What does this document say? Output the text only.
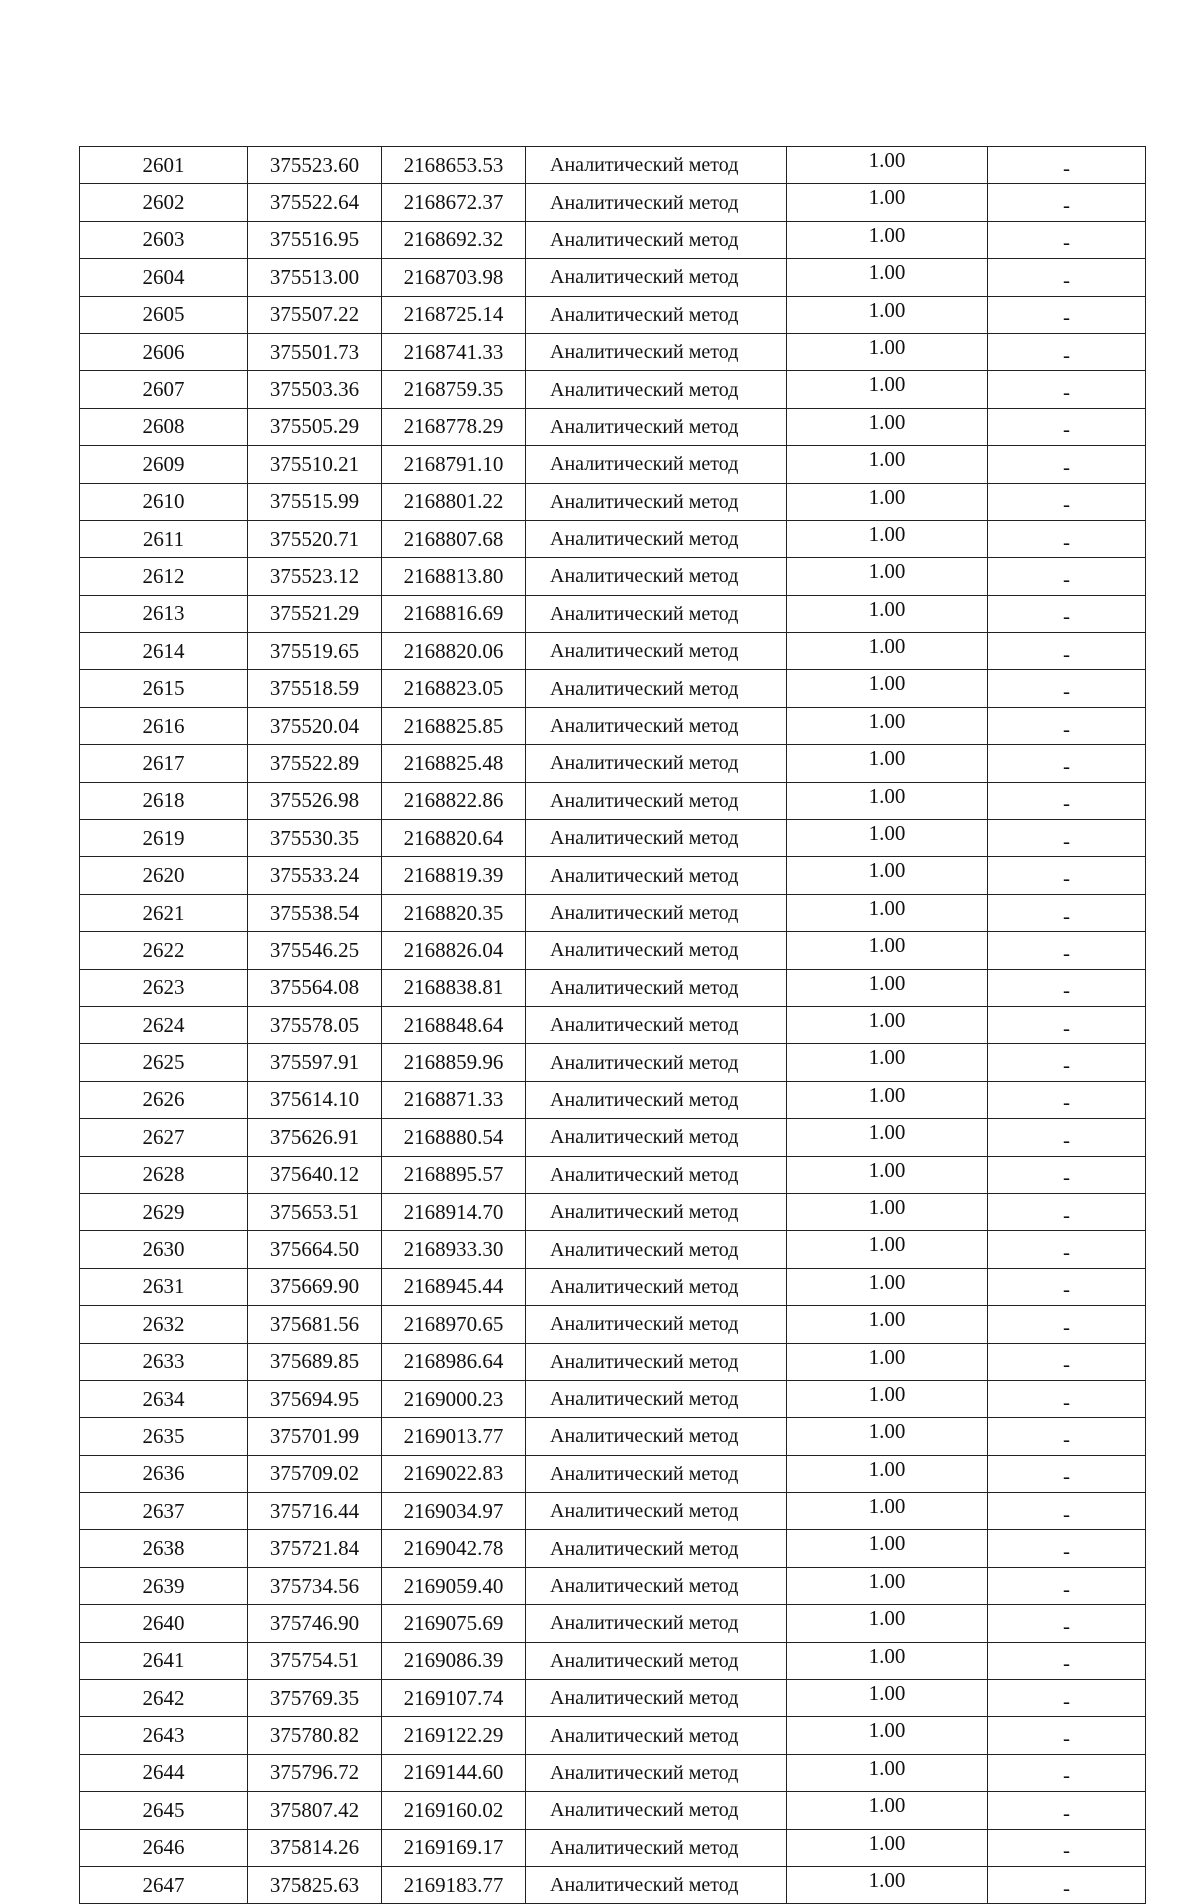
2601	375523.60	2168653.53	Аналитический метод	1.00	-
2602	375522.64	2168672.37	Аналитический метод	1.00	-
2603	375516.95	2168692.32	Аналитический метод	1.00	-
2604	375513.00	2168703.98	Аналитический метод	1.00	-
2605	375507.22	2168725.14	Аналитический метод	1.00	-
2606	375501.73	2168741.33	Аналитический метод	1.00	-
2607	375503.36	2168759.35	Аналитический метод	1.00	-
2608	375505.29	2168778.29	Аналитический метод	1.00	-
2609	375510.21	2168791.10	Аналитический метод	1.00	-
2610	375515.99	2168801.22	Аналитический метод	1.00	-
2611	375520.71	2168807.68	Аналитический метод	1.00	-
2612	375523.12	2168813.80	Аналитический метод	1.00	-
2613	375521.29	2168816.69	Аналитический метод	1.00	-
2614	375519.65	2168820.06	Аналитический метод	1.00	-
2615	375518.59	2168823.05	Аналитический метод	1.00	-
2616	375520.04	2168825.85	Аналитический метод	1.00	-
2617	375522.89	2168825.48	Аналитический метод	1.00	-
2618	375526.98	2168822.86	Аналитический метод	1.00	-
2619	375530.35	2168820.64	Аналитический метод	1.00	-
2620	375533.24	2168819.39	Аналитический метод	1.00	-
2621	375538.54	2168820.35	Аналитический метод	1.00	-
2622	375546.25	2168826.04	Аналитический метод	1.00	-
2623	375564.08	2168838.81	Аналитический метод	1.00	-
2624	375578.05	2168848.64	Аналитический метод	1.00	-
2625	375597.91	2168859.96	Аналитический метод	1.00	-
2626	375614.10	2168871.33	Аналитический метод	1.00	-
2627	375626.91	2168880.54	Аналитический метод	1.00	-
2628	375640.12	2168895.57	Аналитический метод	1.00	-
2629	375653.51	2168914.70	Аналитический метод	1.00	-
2630	375664.50	2168933.30	Аналитический метод	1.00	-
2631	375669.90	2168945.44	Аналитический метод	1.00	-
2632	375681.56	2168970.65	Аналитический метод	1.00	-
2633	375689.85	2168986.64	Аналитический метод	1.00	-
2634	375694.95	2169000.23	Аналитический метод	1.00	-
2635	375701.99	2169013.77	Аналитический метод	1.00	-
2636	375709.02	2169022.83	Аналитический метод	1.00	-
2637	375716.44	2169034.97	Аналитический метод	1.00	-
2638	375721.84	2169042.78	Аналитический метод	1.00	-
2639	375734.56	2169059.40	Аналитический метод	1.00	-
2640	375746.90	2169075.69	Аналитический метод	1.00	-
2641	375754.51	2169086.39	Аналитический метод	1.00	-
2642	375769.35	2169107.74	Аналитический метод	1.00	-
2643	375780.82	2169122.29	Аналитический метод	1.00	-
2644	375796.72	2169144.60	Аналитический метод	1.00	-
2645	375807.42	2169160.02	Аналитический метод	1.00	-
2646	375814.26	2169169.17	Аналитический метод	1.00	-
2647	375825.63	2169183.77	Аналитический метод	1.00	-
